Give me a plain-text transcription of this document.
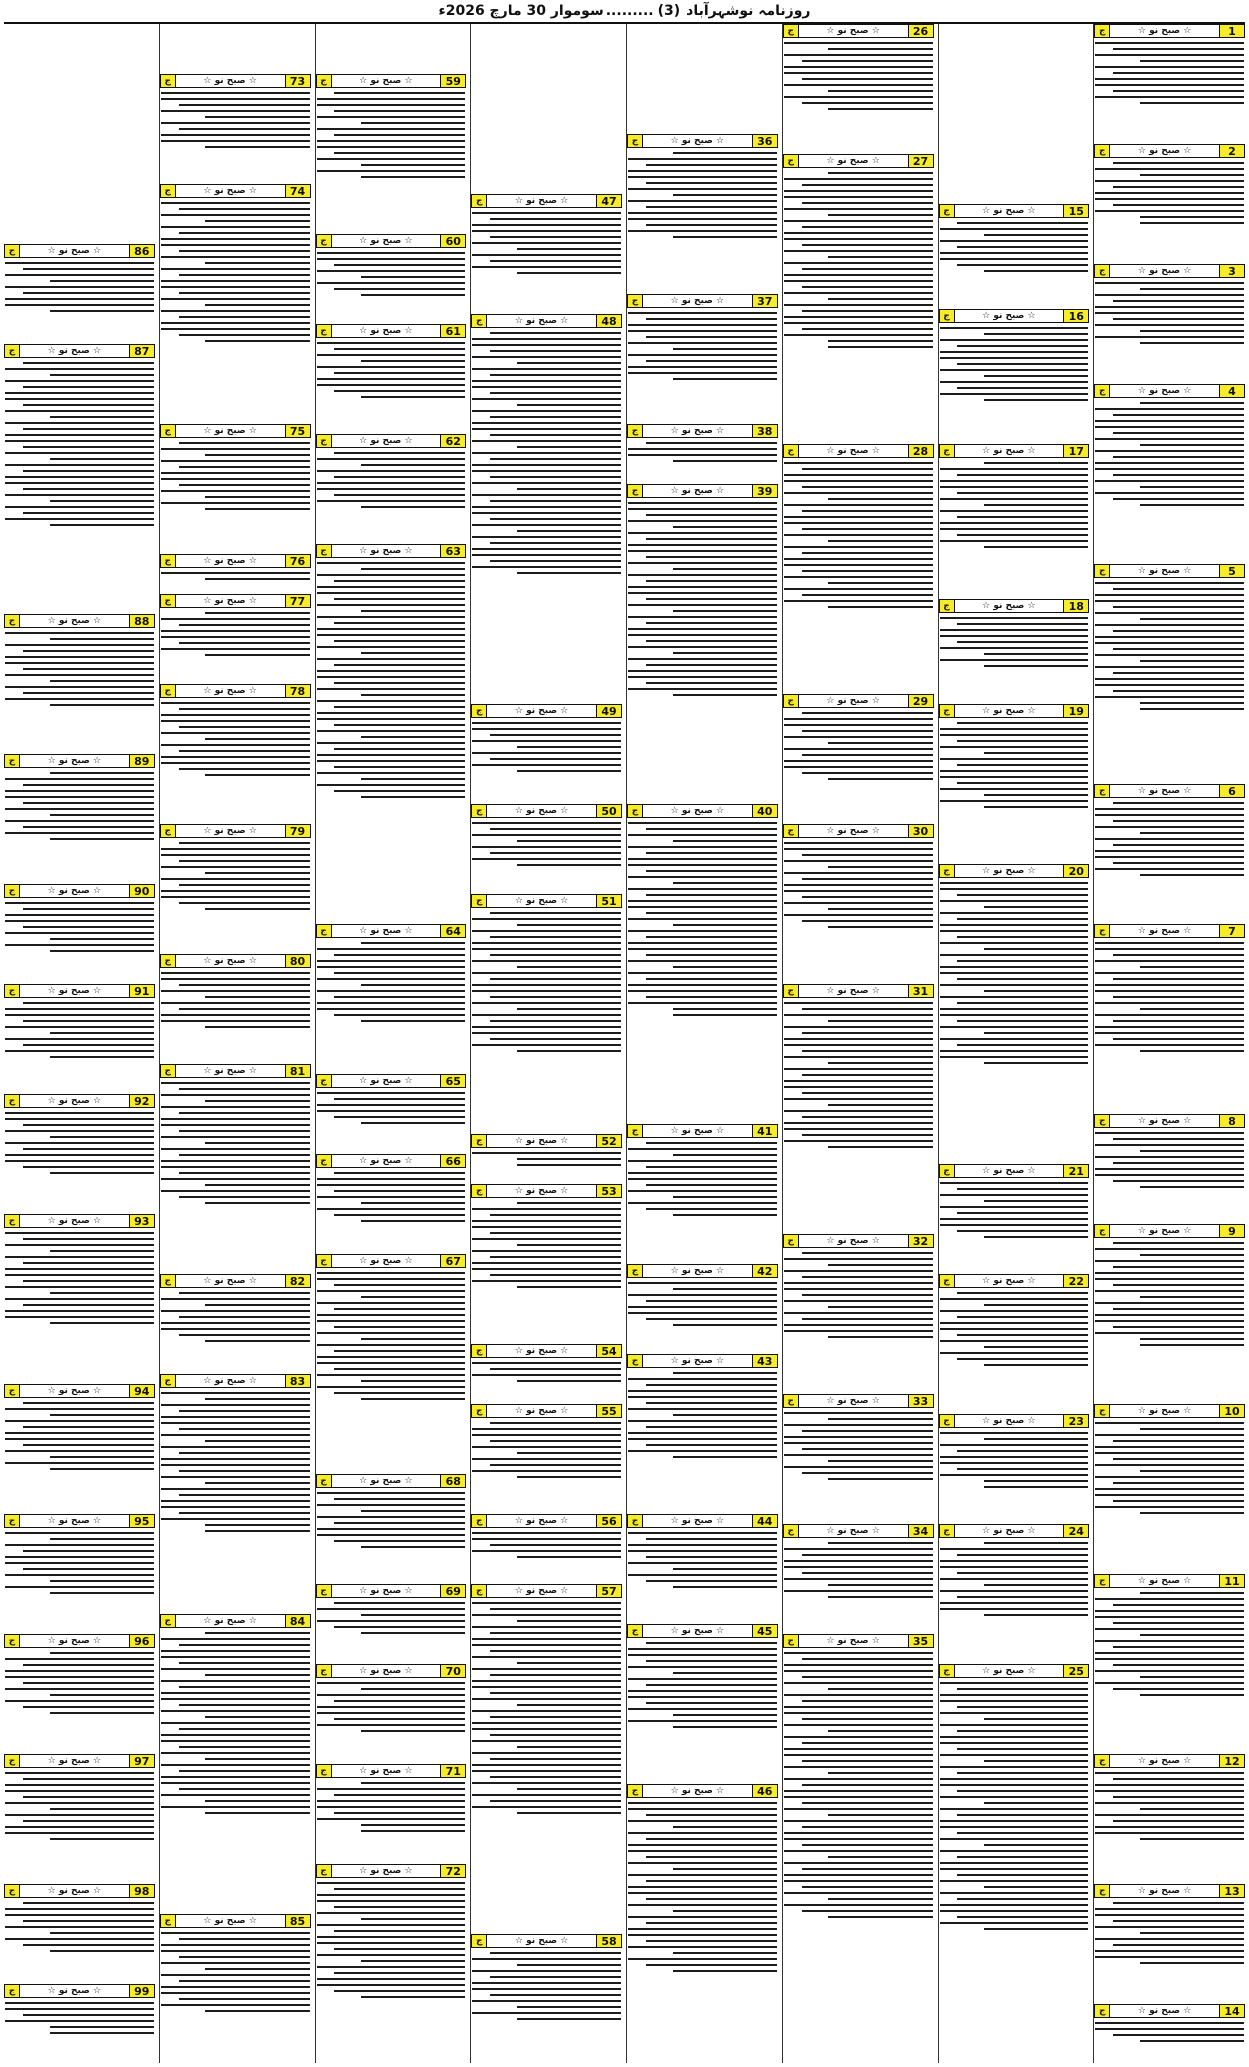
روزنامہ نوشہرآباد
(3)
.........
سوموار 30 مارچ 2026ء
1
☆ صبح نو ☆
ج
2
☆ صبح نو ☆
ج
3
☆ صبح نو ☆
ج
4
☆ صبح نو ☆
ج
5
☆ صبح نو ☆
ج
6
☆ صبح نو ☆
ج
7
☆ صبح نو ☆
ج
8
☆ صبح نو ☆
ج
9
☆ صبح نو ☆
ج
10
☆ صبح نو ☆
ج
11
☆ صبح نو ☆
ج
12
☆ صبح نو ☆
ج
13
☆ صبح نو ☆
ج
14
☆ صبح نو ☆
ج
15
☆ صبح نو ☆
ج
16
☆ صبح نو ☆
ج
17
☆ صبح نو ☆
ج
18
☆ صبح نو ☆
ج
19
☆ صبح نو ☆
ج
20
☆ صبح نو ☆
ج
21
☆ صبح نو ☆
ج
22
☆ صبح نو ☆
ج
23
☆ صبح نو ☆
ج
24
☆ صبح نو ☆
ج
25
☆ صبح نو ☆
ج
26
☆ صبح نو ☆
ج
27
☆ صبح نو ☆
ج
28
☆ صبح نو ☆
ج
29
☆ صبح نو ☆
ج
30
☆ صبح نو ☆
ج
31
☆ صبح نو ☆
ج
32
☆ صبح نو ☆
ج
33
☆ صبح نو ☆
ج
34
☆ صبح نو ☆
ج
35
☆ صبح نو ☆
ج
36
☆ صبح نو ☆
ج
37
☆ صبح نو ☆
ج
38
☆ صبح نو ☆
ج
39
☆ صبح نو ☆
ج
40
☆ صبح نو ☆
ج
41
☆ صبح نو ☆
ج
42
☆ صبح نو ☆
ج
43
☆ صبح نو ☆
ج
44
☆ صبح نو ☆
ج
45
☆ صبح نو ☆
ج
46
☆ صبح نو ☆
ج
47
☆ صبح نو ☆
ج
48
☆ صبح نو ☆
ج
49
☆ صبح نو ☆
ج
50
☆ صبح نو ☆
ج
51
☆ صبح نو ☆
ج
52
☆ صبح نو ☆
ج
53
☆ صبح نو ☆
ج
54
☆ صبح نو ☆
ج
55
☆ صبح نو ☆
ج
56
☆ صبح نو ☆
ج
57
☆ صبح نو ☆
ج
58
☆ صبح نو ☆
ج
59
☆ صبح نو ☆
ج
60
☆ صبح نو ☆
ج
61
☆ صبح نو ☆
ج
62
☆ صبح نو ☆
ج
63
☆ صبح نو ☆
ج
64
☆ صبح نو ☆
ج
65
☆ صبح نو ☆
ج
66
☆ صبح نو ☆
ج
67
☆ صبح نو ☆
ج
68
☆ صبح نو ☆
ج
69
☆ صبح نو ☆
ج
70
☆ صبح نو ☆
ج
71
☆ صبح نو ☆
ج
72
☆ صبح نو ☆
ج
73
☆ صبح نو ☆
ج
74
☆ صبح نو ☆
ج
75
☆ صبح نو ☆
ج
76
☆ صبح نو ☆
ج
77
☆ صبح نو ☆
ج
78
☆ صبح نو ☆
ج
79
☆ صبح نو ☆
ج
80
☆ صبح نو ☆
ج
81
☆ صبح نو ☆
ج
82
☆ صبح نو ☆
ج
83
☆ صبح نو ☆
ج
84
☆ صبح نو ☆
ج
85
☆ صبح نو ☆
ج
86
☆ صبح نو ☆
ج
87
☆ صبح نو ☆
ج
88
☆ صبح نو ☆
ج
89
☆ صبح نو ☆
ج
90
☆ صبح نو ☆
ج
91
☆ صبح نو ☆
ج
92
☆ صبح نو ☆
ج
93
☆ صبح نو ☆
ج
94
☆ صبح نو ☆
ج
95
☆ صبح نو ☆
ج
96
☆ صبح نو ☆
ج
97
☆ صبح نو ☆
ج
98
☆ صبح نو ☆
ج
99
☆ صبح نو ☆
ج
